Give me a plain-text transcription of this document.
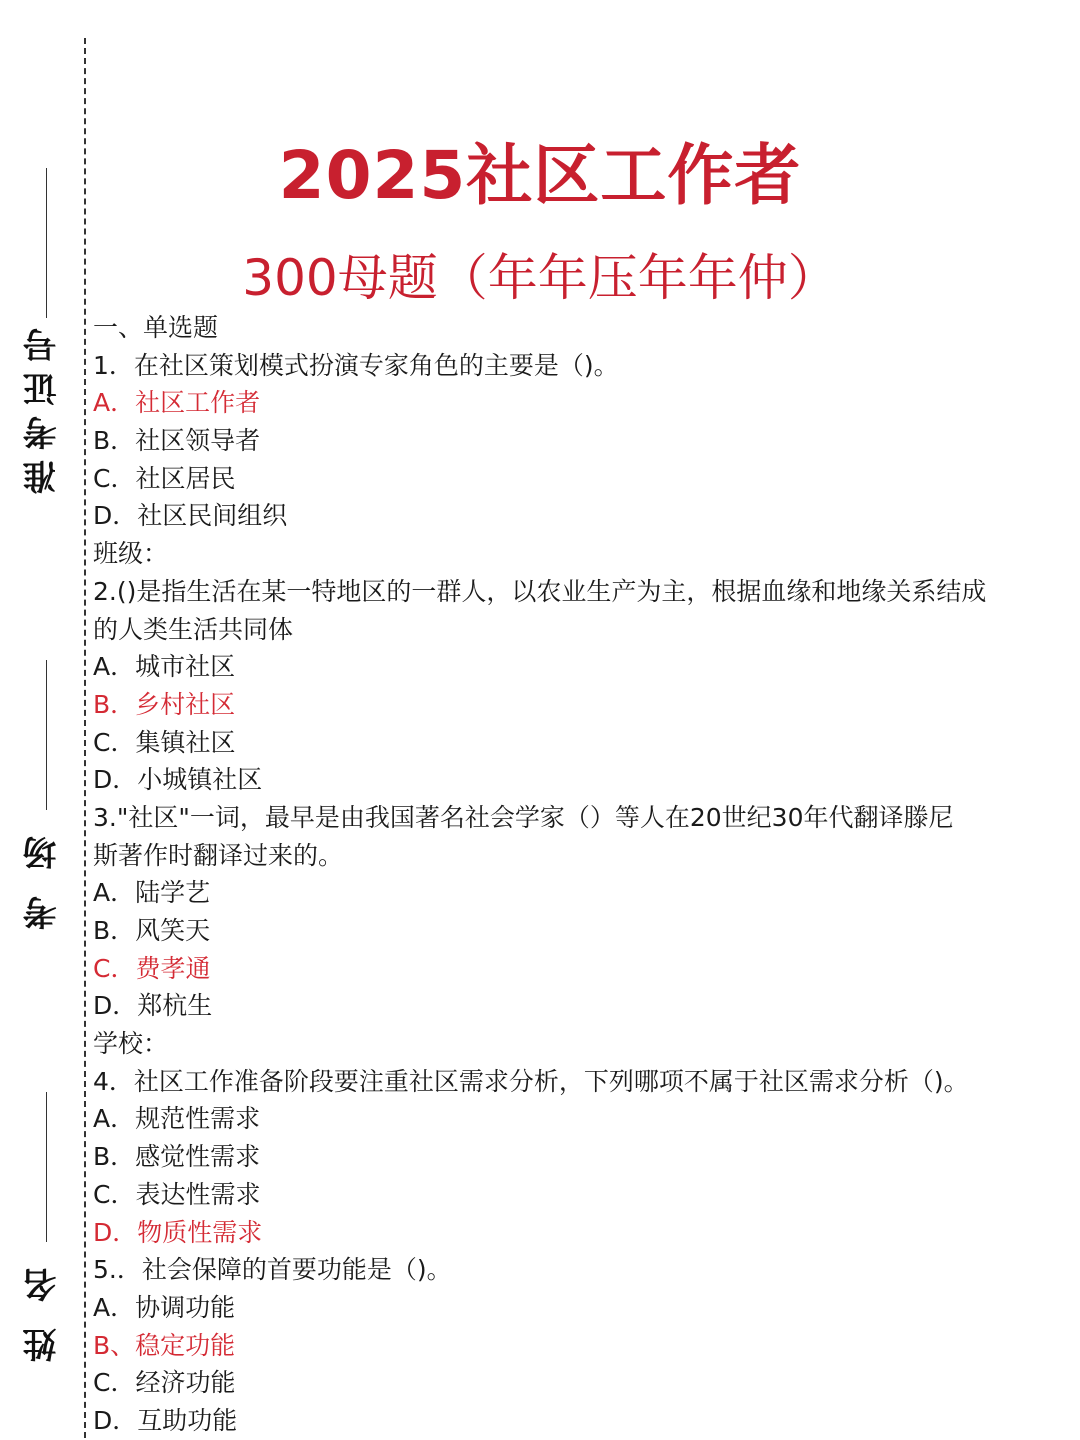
准考证号
考场
姓名
2025社区工作者
300母题（年年压年年仲）
一、单选题
1．在社区策划模式扮演专家角色的主要是（)。
A．社区工作者
B．社区领导者
C．社区居民
D．社区民间组织
班级：
2.()是指生活在某一特地区的一群人，以农业生产为主，根据血缘和地缘关系结成
的人类生活共同体
A．城市社区
B．乡村社区
C．集镇社区
D．小城镇社区
3."社区"一词，最早是由我国著名社会学家（）等人在20世纪30年代翻译滕尼
斯著作时翻译过来的。
A．陆学艺
B．风笑天
C．费孝通
D．郑杭生
学校：
4．社区工作准备阶段要注重社区需求分析，下列哪项不属于社区需求分析（)。
A．规范性需求
B．感觉性需求
C．表达性需求
D．物质性需求
5.．社会保障的首要功能是（)。
A．协调功能
B、稳定功能
C．经济功能
D．互助功能
